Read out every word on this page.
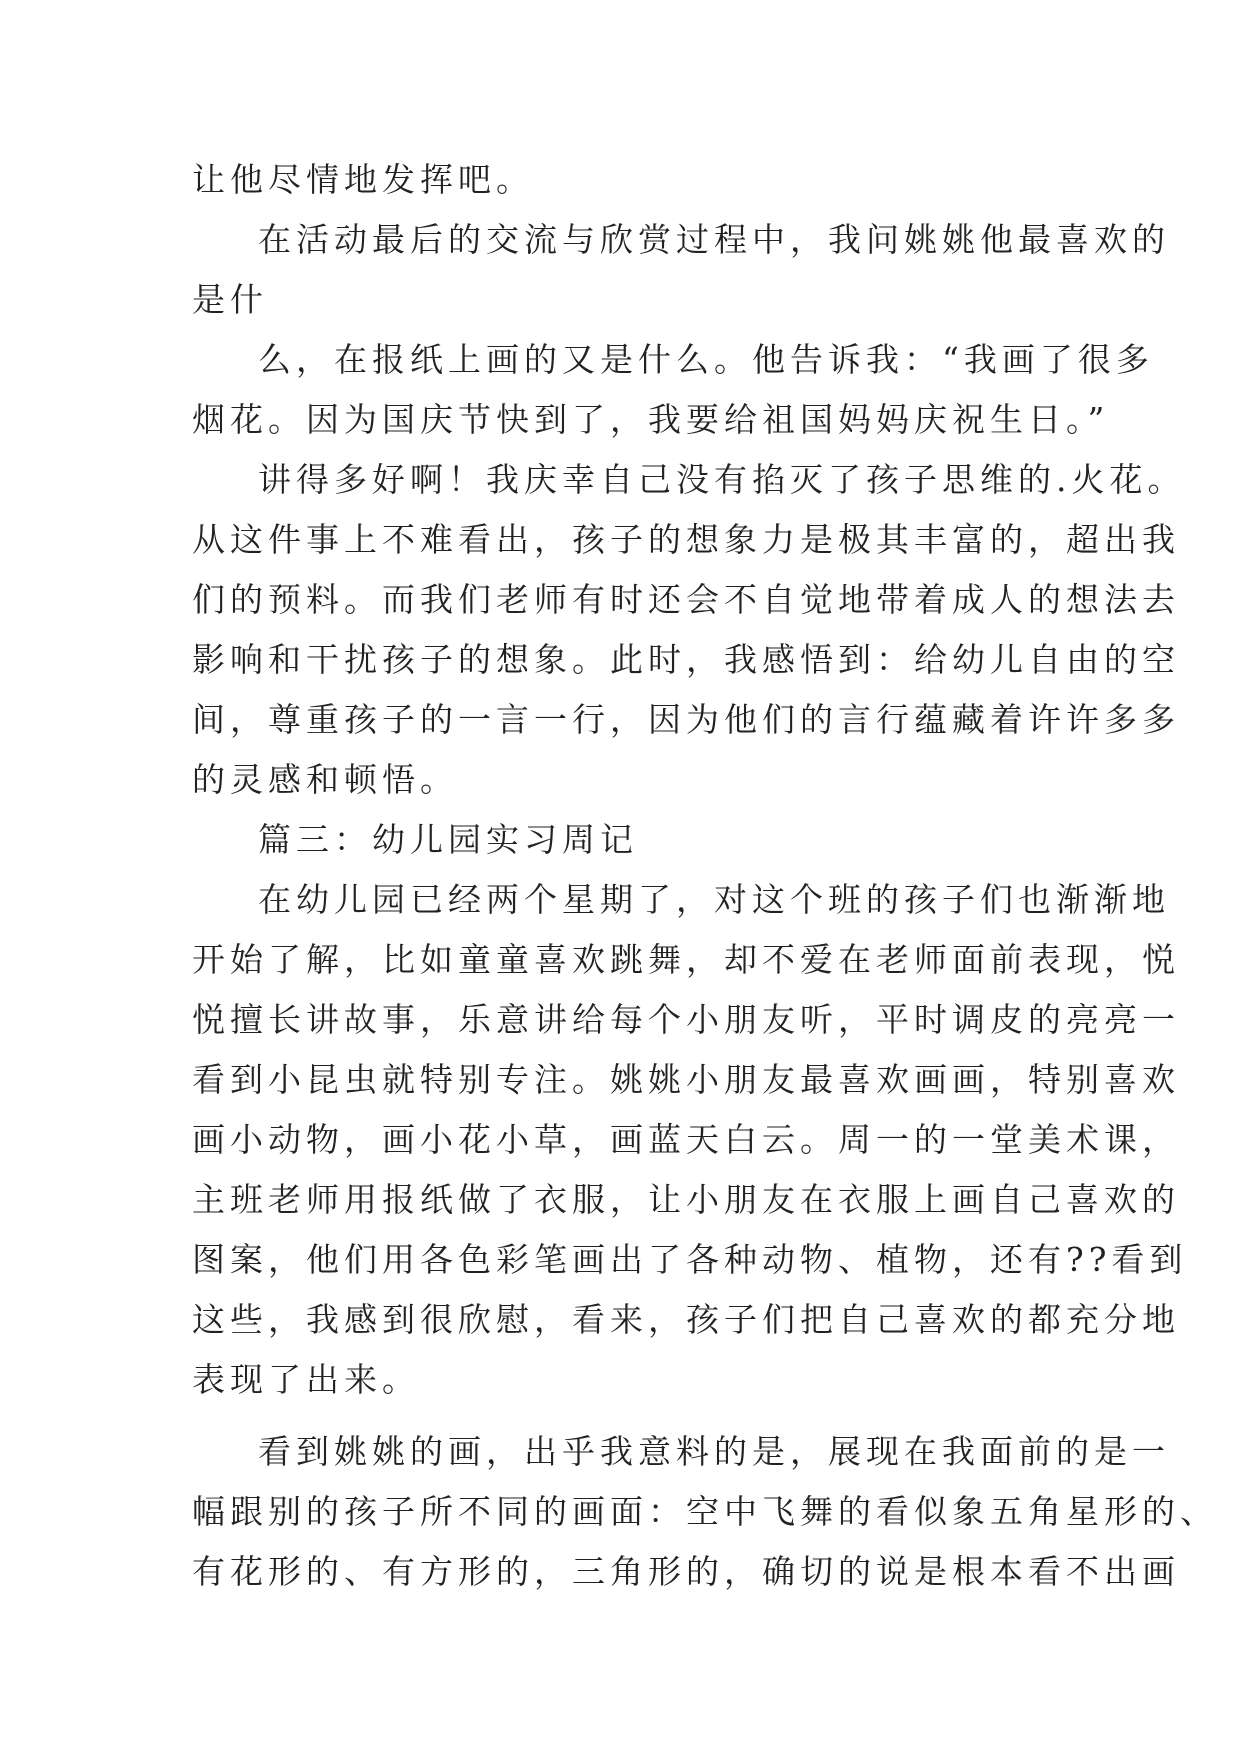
让他尽情地发挥吧。
在活动最后的交流与欣赏过程中，我问姚姚他最喜欢的
是什
么，在报纸上画的又是什么。他告诉我：“我画了很多
烟花。因为国庆节快到了，我要给祖国妈妈庆祝生日。”
讲得多好啊！我庆幸自己没有掐灭了孩子思维的.火花。
从这件事上不难看出，孩子的想象力是极其丰富的，超出我
们的预料。而我们老师有时还会不自觉地带着成人的想法去
影响和干扰孩子的想象。此时，我感悟到：给幼儿自由的空
间，尊重孩子的一言一行，因为他们的言行蕴藏着许许多多
的灵感和顿悟。
篇三：幼儿园实习周记
在幼儿园已经两个星期了，对这个班的孩子们也渐渐地
开始了解，比如童童喜欢跳舞，却不爱在老师面前表现，悦
悦擅长讲故事，乐意讲给每个小朋友听，平时调皮的亮亮一
看到小昆虫就特别专注。姚姚小朋友最喜欢画画，特别喜欢
画小动物，画小花小草，画蓝天白云。周一的一堂美术课，
主班老师用报纸做了衣服，让小朋友在衣服上画自己喜欢的
图案，他们用各色彩笔画出了各种动物、植物，还有??看到
这些，我感到很欣慰，看来，孩子们把自己喜欢的都充分地
表现了出来。
看到姚姚的画，出乎我意料的是，展现在我面前的是一
幅跟别的孩子所不同的画面：空中飞舞的看似象五角星形的、
有花形的、有方形的，三角形的，确切的说是根本看不出画
